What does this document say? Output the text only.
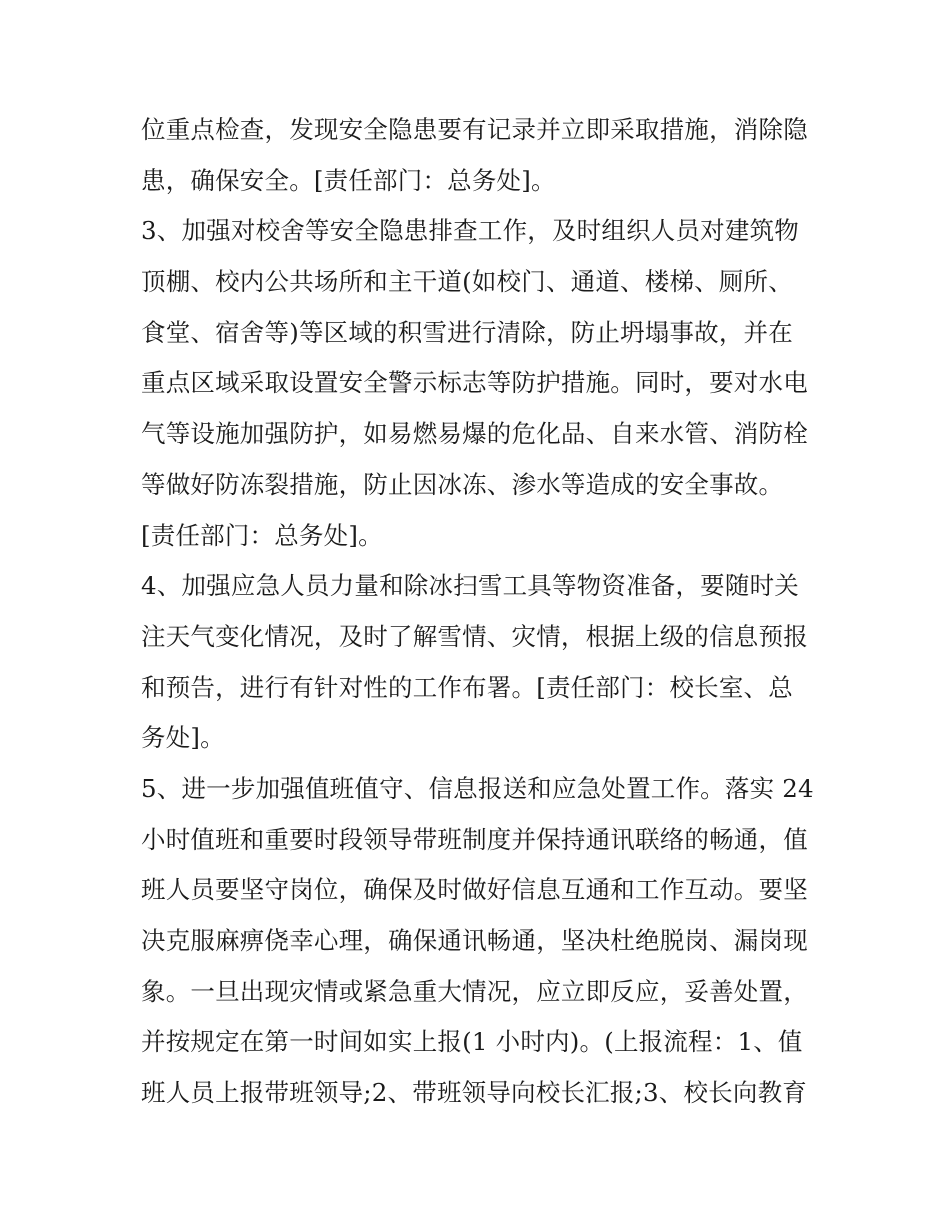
位重点检查，发现安全隐患要有记录并立即采取措施，消除隐
患，确保安全。[责任部门：总务处]。
3、加强对校舍等安全隐患排查工作，及时组织人员对建筑物
顶棚、校内公共场所和主干道(如校门、通道、楼梯、厕所、
食堂、宿舍等)等区域的积雪进行清除，防止坍塌事故，并在
重点区域采取设置安全警示标志等防护措施。同时，要对水电
气等设施加强防护，如易燃易爆的危化品、自来水管、消防栓
等做好防冻裂措施，防止因冰冻、渗水等造成的安全事故。
[责任部门：总务处]。
4、加强应急人员力量和除冰扫雪工具等物资准备，要随时关
注天气变化情况，及时了解雪情、灾情，根据上级的信息预报
和预告，进行有针对性的工作布署。[责任部门：校长室、总
务处]。
5、进一步加强值班值守、信息报送和应急处置工作。落实 24
小时值班和重要时段领导带班制度并保持通讯联络的畅通，值
班人员要坚守岗位，确保及时做好信息互通和工作互动。要坚
决克服麻痹侥幸心理，确保通讯畅通，坚决杜绝脱岗、漏岗现
象。一旦出现灾情或紧急重大情况，应立即反应，妥善处置，
并按规定在第一时间如实上报(1 小时内)。(上报流程：1、值
班人员上报带班领导;2、带班领导向校长汇报;3、校长向教育
